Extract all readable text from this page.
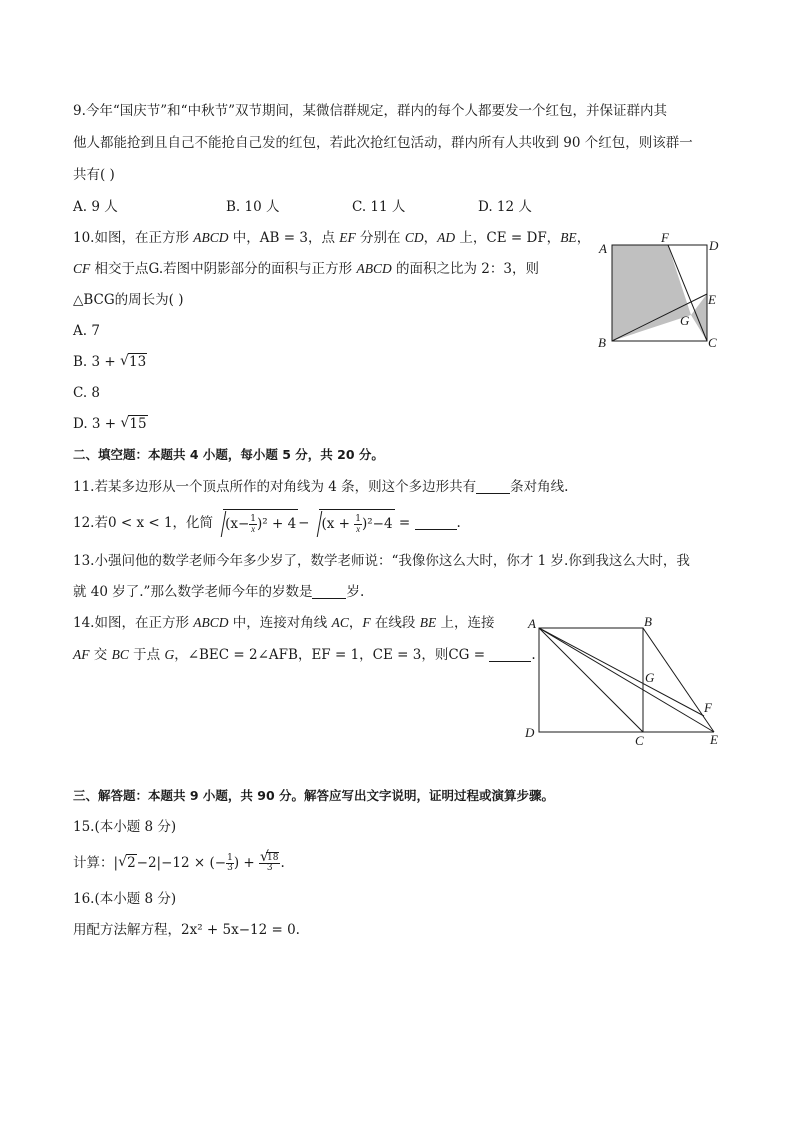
9.今年“国庆节”和“中秋节”双节期间，某微信群规定，群内的每个人都要发一个红包，并保证群内其
他人都能抢到且自己不能抢自己发的红包，若此次抢红包活动，群内所有人共收到 90 个红包，则该群一
共有( )
A. 9 人	B. 10 人	C. 11 人	D. 12 人
10.如图，在正方形 ABCD 中，AB = 3，点 EF 分别在 CD，AD 上，CE = DF，BE，
CF 相交于点G.若图中阴影部分的面积与正方形 ABCD 的面积之比为 2：3，则
△BCG的周长为( )
A. 7
B. 3 + √ 13
C. 8
D. 3 + √ 15
A
F
D
E
G
B	C
二、填空题：本题共 4 小题，每小题 5 分，共 20 分。
11.若某多边形从一个顶点所作的对角线为 4 条，则这个多边形共有	条对角线.
12.若0 < x < 1，化简 $(x- \frac{1}{x} )^2 + 4 - (x + \frac{1}{x} )^2-4$ =	.
13.小强问他的数学老师今年多少岁了，数学老师说：“我像你这么大时，你才 1 岁.你到我这么大时，我
就 40 岁了.”那么数学老师今年的岁数是	岁.
14.如图，在正方形 ABCD 中，连接对角线 AC，F 在线段 BE 上，连接
AF 交 BC 于点 G，∠BEC = 2∠AFB，EF = 1，CE = 3，则CG =	.
A	B
G
F
D
C	E
三、解答题：本题共 9 小题，共 90 分。解答应写出文字说明，证明过程或演算步骤。
15.(本小题 8 分)
计算：| √ 2−2|−12 × (− $\frac{1}{3}$ ) + √ $\frac{18}{3}$ .
16.(本小题 8 分)
用配方法解方程，2x² + 5x−12 = 0.
